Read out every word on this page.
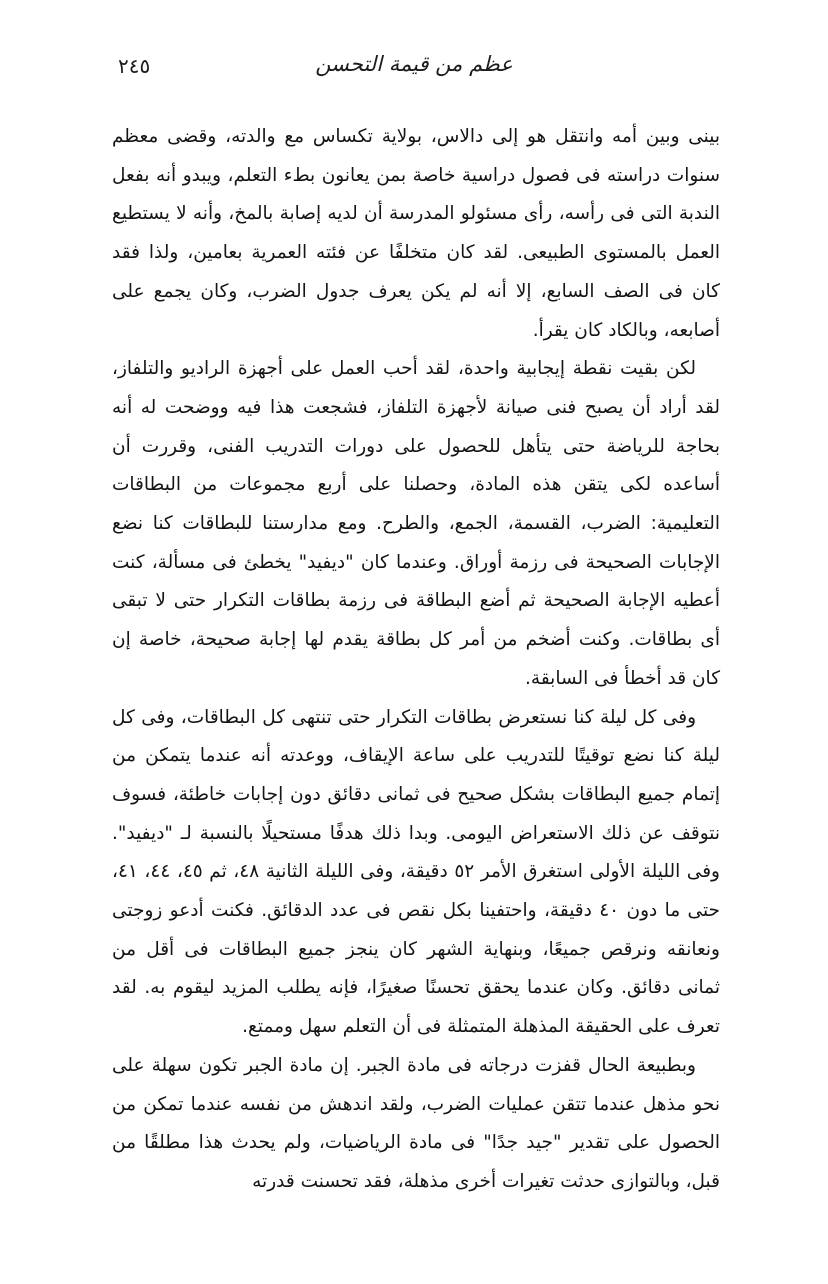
عظم من قيمة التحسن
٢٤٥

بينى وبين أمه وانتقل هو إلى دالاس، بولاية تكساس مع والدته، وقضى معظم سنوات دراسته فى فصول دراسية خاصة بمن يعانون بطء التعلم، ويبدو أنه بفعل الندبة التى فى رأسه، رأى مسئولو المدرسة أن لديه إصابة بالمخ، وأنه لا يستطيع العمل بالمستوى الطبيعى. لقد كان متخلفًا عن فئته العمرية بعامين، ولذا فقد كان فى الصف السابع، إلا أنه لم يكن يعرف جدول الضرب، وكان يجمع على أصابعه، وبالكاد كان يقرأ.

لكن بقيت نقطة إيجابية واحدة، لقد أحب العمل على أجهزة الراديو والتلفاز، لقد أراد أن يصبح فنى صيانة لأجهزة التلفاز، فشجعت هذا فيه ووضحت له أنه بحاجة للرياضة حتى يتأهل للحصول على دورات التدريب الفنى، وقررت أن أساعده لكى يتقن هذه المادة، وحصلنا على أربع مجموعات من البطاقات التعليمية: الضرب، القسمة، الجمع، والطرح. ومع مدارستنا للبطاقات كنا نضع الإجابات الصحيحة فى رزمة أوراق. وعندما كان "ديفيد" يخطئ فى مسألة، كنت أعطيه الإجابة الصحيحة ثم أضع البطاقة فى رزمة بطاقات التكرار حتى لا تبقى أى بطاقات. وكنت أضخم من أمر كل بطاقة يقدم لها إجابة صحيحة، خاصة إن كان قد أخطأ فى السابقة.

وفى كل ليلة كنا نستعرض بطاقات التكرار حتى تنتهى كل البطاقات، وفى كل ليلة كنا نضع توقيتًا للتدريب على ساعة الإيقاف، ووعدته أنه عندما يتمكن من إتمام جميع البطاقات بشكل صحيح فى ثمانى دقائق دون إجابات خاطئة، فسوف نتوقف عن ذلك الاستعراض اليومى. وبدا ذلك هدفًا مستحيلًا بالنسبة لـ "ديفيد". وفى الليلة الأولى استغرق الأمر ٥٢ دقيقة، وفى الليلة الثانية ٤٨، ثم ٤٥، ٤٤، ٤١، حتى ما دون ٤٠ دقيقة، واحتفينا بكل نقص فى عدد الدقائق. فكنت أدعو زوجتى ونعانقه ونرقص جميعًا، وبنهاية الشهر كان ينجز جميع البطاقات فى أقل من ثمانى دقائق. وكان عندما يحقق تحسنًا صغيرًا، فإنه يطلب المزيد ليقوم به. لقد تعرف على الحقيقة المذهلة المتمثلة فى أن التعلم سهل وممتع.

وبطبيعة الحال قفزت درجاته فى مادة الجبر. إن مادة الجبر تكون سهلة على نحو مذهل عندما تتقن عمليات الضرب، ولقد اندهش من نفسه عندما تمكن من الحصول على تقدير "جيد جدًا" فى مادة الرياضيات، ولم يحدث هذا مطلقًا من قبل، وبالتوازى حدثت تغيرات أخرى مذهلة، فقد تحسنت قدرته
